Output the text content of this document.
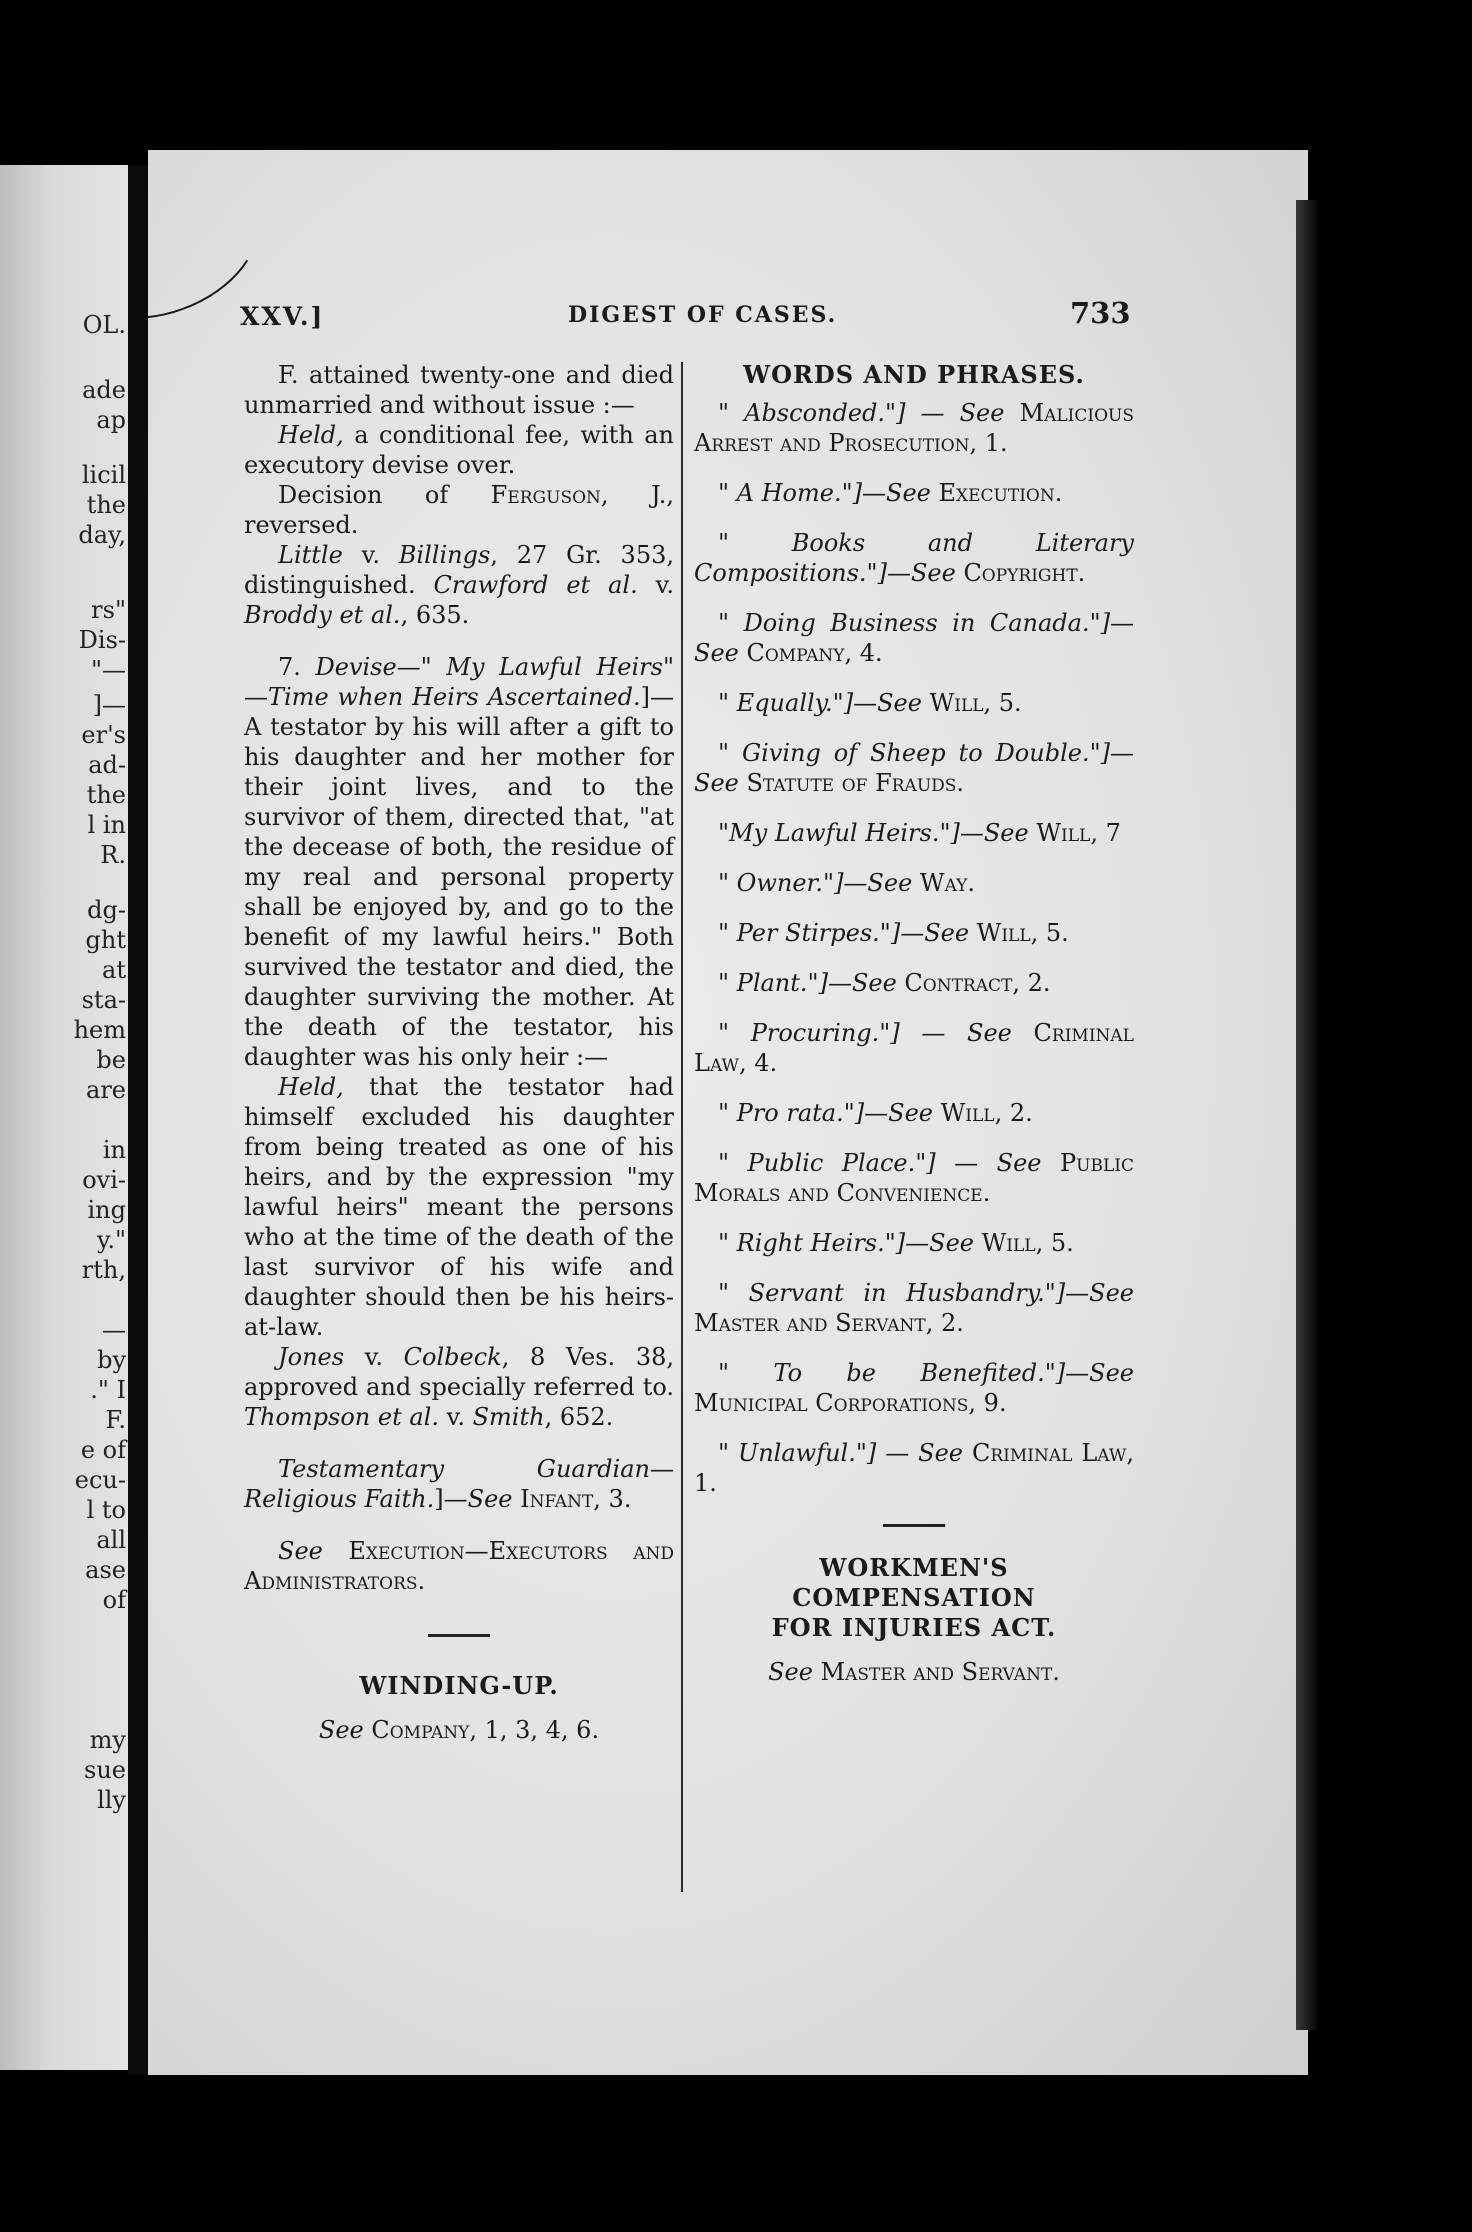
OL.
ade
ap
licil
the
day,
rs"
Dis-
"—
]—
er's
ad-
the
l in
R.
dg-
ght
at
sta-
hem
be
are
in
ovi-
ing
y."
rth,
—
by
." I
F.
e of
ecu-
l to
all
ase
of
my
sue
lly
XXV.]	DIGEST OF CASES.	733

F. attained twenty-one and died unmarried and without issue :—

Held, a conditional fee, with an executory devise over.

Decision of Ferguson, J., reversed.

Little v. Billings, 27 Gr. 353, distinguished. Crawford et al. v. Broddy et al., 635.

7. Devise—" My Lawful Heirs" —Time when Heirs Ascertained.]— A testator by his will after a gift to his daughter and her mother for their joint lives, and to the survivor of them, directed that, "at the decease of both, the residue of my real and personal property shall be enjoyed by, and go to the benefit of my lawful heirs." Both survived the testator and died, the daughter surviving the mother. At the death of the testator, his daughter was his only heir :—

Held, that the testator had himself excluded his daughter from being treated as one of his heirs, and by the expression "my lawful heirs" meant the persons who at the time of the death of the last survivor of his wife and daughter should then be his heirs-at-law.

Jones v. Colbeck, 8 Ves. 38, approved and specially referred to. Thompson et al. v. Smith, 652.

Testamentary Guardian—Religious Faith.]—See Infant, 3.

See Execution—Executors and Administrators.

WINDING-UP.

See Company, 1, 3, 4, 6.

WORDS AND PHRASES.

" Absconded."] — See Malicious Arrest and Prosecution, 1.

" A Home."]—See Execution.

" Books and Literary Compositions."]—See Copyright.

" Doing Business in Canada."]— See Company, 4.

" Equally."]—See Will, 5.

" Giving of Sheep to Double."]— See Statute of Frauds.

"My Lawful Heirs."]—See Will, 7

" Owner."]—See Way.

" Per Stirpes."]—See Will, 5.

" Plant."]—See Contract, 2.

" Procuring."] — See Criminal Law, 4.

" Pro rata."]—See Will, 2.

" Public Place."] — See Public Morals and Convenience.

" Right Heirs."]—See Will, 5.

" Servant in Husbandry."]—See Master and Servant, 2.

" To be Benefited."]—See Municipal Corporations, 9.

" Unlawful."] — See Criminal Law, 1.

WORKMEN'S COMPENSATION
FOR INJURIES ACT.

See Master and Servant.
